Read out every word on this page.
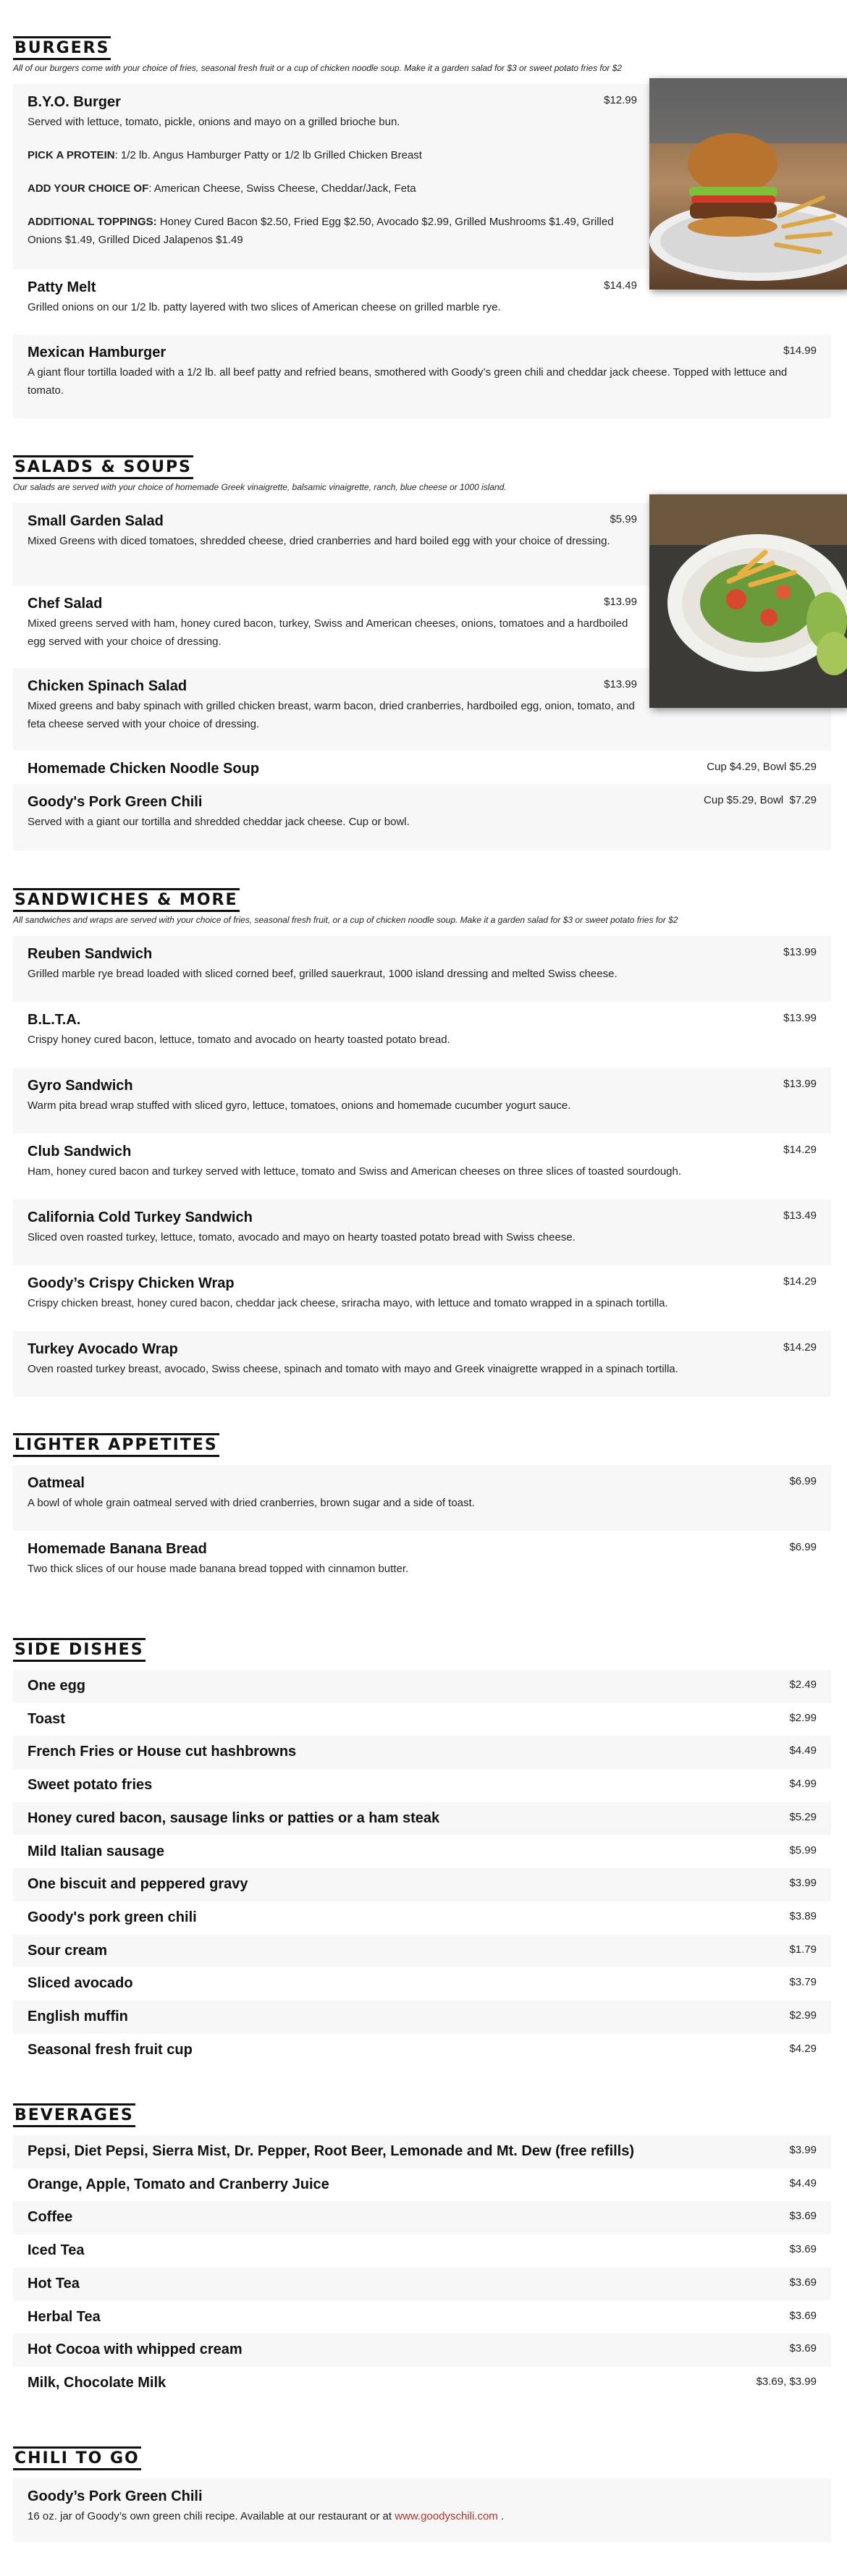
BURGERS
All of our burgers come with your choice of fries, seasonal fresh fruit or a cup of chicken noodle soup. Make it a garden salad for $3 or sweet potato fries for $2
B.Y.O. Burger	$12.99
Served with lettuce, tomato, pickle, onions and mayo on a grilled brioche bun.
PICK A PROTEIN: 1/2 lb. Angus Hamburger Patty or 1/2 lb Grilled Chicken Breast
ADD YOUR CHOICE OF: American Cheese, Swiss Cheese, Cheddar/Jack, Feta
ADDITIONAL TOPPINGS: Honey Cured Bacon $2.50, Fried Egg $2.50, Avocado $2.99, Grilled Mushrooms $1.49, Grilled Onions $1.49, Grilled Diced Jalapenos $1.49
Patty Melt	$14.49
Grilled onions on our 1/2 lb. patty layered with two slices of American cheese on grilled marble rye.
Mexican Hamburger	$14.99
A giant flour tortilla loaded with a 1/2 lb. all beef patty and refried beans, smothered with Goody’s green chili and cheddar jack cheese. Topped with lettuce and tomato.
SALADS & SOUPS
Our salads are served with your choice of homemade Greek vinaigrette, balsamic vinaigrette, ranch, blue cheese or 1000 island.
Small Garden Salad	$5.99
Mixed Greens with diced tomatoes, shredded cheese, dried cranberries and hard boiled egg with your choice of dressing.
Chef Salad	$13.99
Mixed greens served with ham, honey cured bacon, turkey, Swiss and American cheeses, onions, tomatoes and a hardboiled egg served with your choice of dressing.
Chicken Spinach Salad	$13.99
Mixed greens and baby spinach with grilled chicken breast, warm bacon, dried cranberries, hardboiled egg, onion, tomato, and feta cheese served with your choice of dressing.
Homemade Chicken Noodle Soup	Cup $4.29, Bowl $5.29
Goody's Pork Green Chili	Cup $5.29, Bowl  $7.29
Served with a giant our tortilla and shredded cheddar jack cheese. Cup or bowl.
SANDWICHES & MORE
All sandwiches and wraps are served with your choice of fries, seasonal fresh fruit, or a cup of chicken noodle soup. Make it a garden salad for $3 or sweet potato fries for $2
Reuben Sandwich	$13.99
Grilled marble rye bread loaded with sliced corned beef, grilled sauerkraut, 1000 island dressing and melted Swiss cheese.
B.L.T.A.	$13.99
Crispy honey cured bacon, lettuce, tomato and avocado on hearty toasted potato bread.
Gyro Sandwich	$13.99
Warm pita bread wrap stuffed with sliced gyro, lettuce, tomatoes, onions and homemade cucumber yogurt sauce.
Club Sandwich	$14.29
Ham, honey cured bacon and turkey served with lettuce, tomato and Swiss and American cheeses on three slices of toasted sourdough.
California Cold Turkey Sandwich	$13.49
Sliced oven roasted turkey, lettuce, tomato, avocado and mayo on hearty toasted potato bread with Swiss cheese.
Goody’s Crispy Chicken Wrap	$14.29
Crispy chicken breast, honey cured bacon, cheddar jack cheese, sriracha mayo, with lettuce and tomato wrapped in a spinach tortilla.
Turkey Avocado Wrap	$14.29
Oven roasted turkey breast, avocado, Swiss cheese, spinach and tomato with mayo and Greek vinaigrette wrapped in a spinach tortilla.
LIGHTER APPETITES
Oatmeal	$6.99
A bowl of whole grain oatmeal served with dried cranberries, brown sugar and a side of toast.
Homemade Banana Bread	$6.99
Two thick slices of our house made banana bread topped with cinnamon butter.
SIDE DISHES
One egg	$2.49
Toast	$2.99
French Fries or House cut hashbrowns	$4.49
Sweet potato fries	$4.99
Honey cured bacon, sausage links or patties or a ham steak	$5.29
Mild Italian sausage	$5.99
One biscuit and peppered gravy	$3.99
Goody's pork green chili	$3.89
Sour cream	$1.79
Sliced avocado	$3.79
English muffin	$2.99
Seasonal fresh fruit cup	$4.29
BEVERAGES
Pepsi, Diet Pepsi, Sierra Mist, Dr. Pepper, Root Beer, Lemonade and Mt. Dew (free refills)	$3.99
Orange, Apple, Tomato and Cranberry Juice	$4.49
Coffee	$3.69
Iced Tea	$3.69
Hot Tea	$3.69
Herbal Tea	$3.69
Hot Cocoa with whipped cream	$3.69
Milk, Chocolate Milk	$3.69, $3.99
CHILI TO GO
Goody’s Pork Green Chili
16 oz. jar of Goody’s own green chili recipe. Available at our restaurant or at www.goodyschili.com .
